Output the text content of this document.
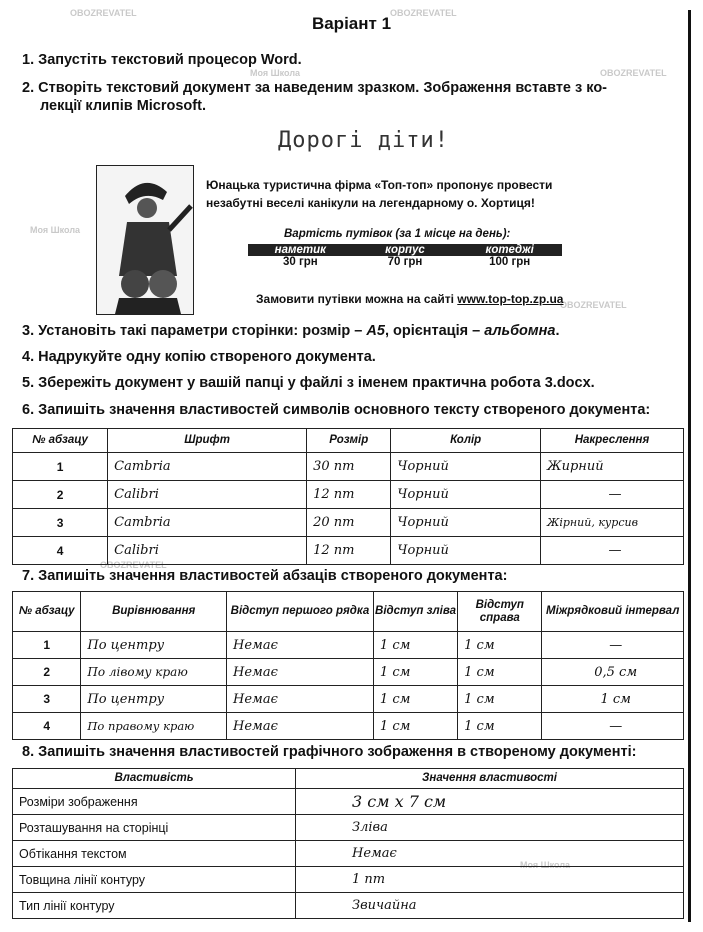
OBOZREVATEL	OBOZREVATEL
Моя Школа	OBOZREVATEL
Моя Школа
OBOZREVATEL
OBOZREVATEL
Моя Школа
Варіант 1
1. Запустіть текстовий процесор Word.
2. Створіть текстовий документ за наведеним зразком. Зображення вставте з ко-
лекції клипів Microsoft.
Дорогі діти!
Юнацька туристична фірма «Топ-топ» пропонує провести
незабутні веселі канікули на легендарному о. Хортиця!
Вартість путівок (за 1 місце на день):
наметик	корпус	котеджі
30 грн	70 грн	100 грн
Замовити путівки можна на сайті www.top-top.zp.ua
3. Установіть такі параметри сторінки: розмір – А5, орієнтація – альбомна.
4. Надрукуйте одну копію створеного документа.
5. Збережіть документ у вашій папці у файлі з іменем практична робота 3.docx.
6. Запишіть значення властивостей символів основного тексту створеного документа:
№ абзацу	Шрифт	Розмір	Колір	Накреслення
1	Cambria	30 пт	Чорний	Жирний
2	Calibri	12 пт	Чорний	—
3	Cambria	20 пт	Чорний	Жірний, курсив
4	Calibri	12 пт	Чорний	—
7. Запишіть значення властивостей абзаців створеного документа:
№ абзацу	Вирівнювання	Відступ першого рядка	Відступ зліва	Відступ справа	Міжрядковий інтервал
1	По центру	Немає	1 см	1 см	—
2	По лівому краю	Немає	1 см	1 см	0,5 см
3	По центру	Немає	1 см	1 см	1 см
4	По правому краю	Немає	1 см	1 см	—
8. Запишіть значення властивостей графічного зображення в створеному документі:
Властивість	Значення властивості
Розміри зображення	3 см x 7 см
Розташування на сторінці	Зліва
Обтікання текстом	Немає
Товщина лінії контуру	1 пт
Тип лінії контуру	Звичайна
